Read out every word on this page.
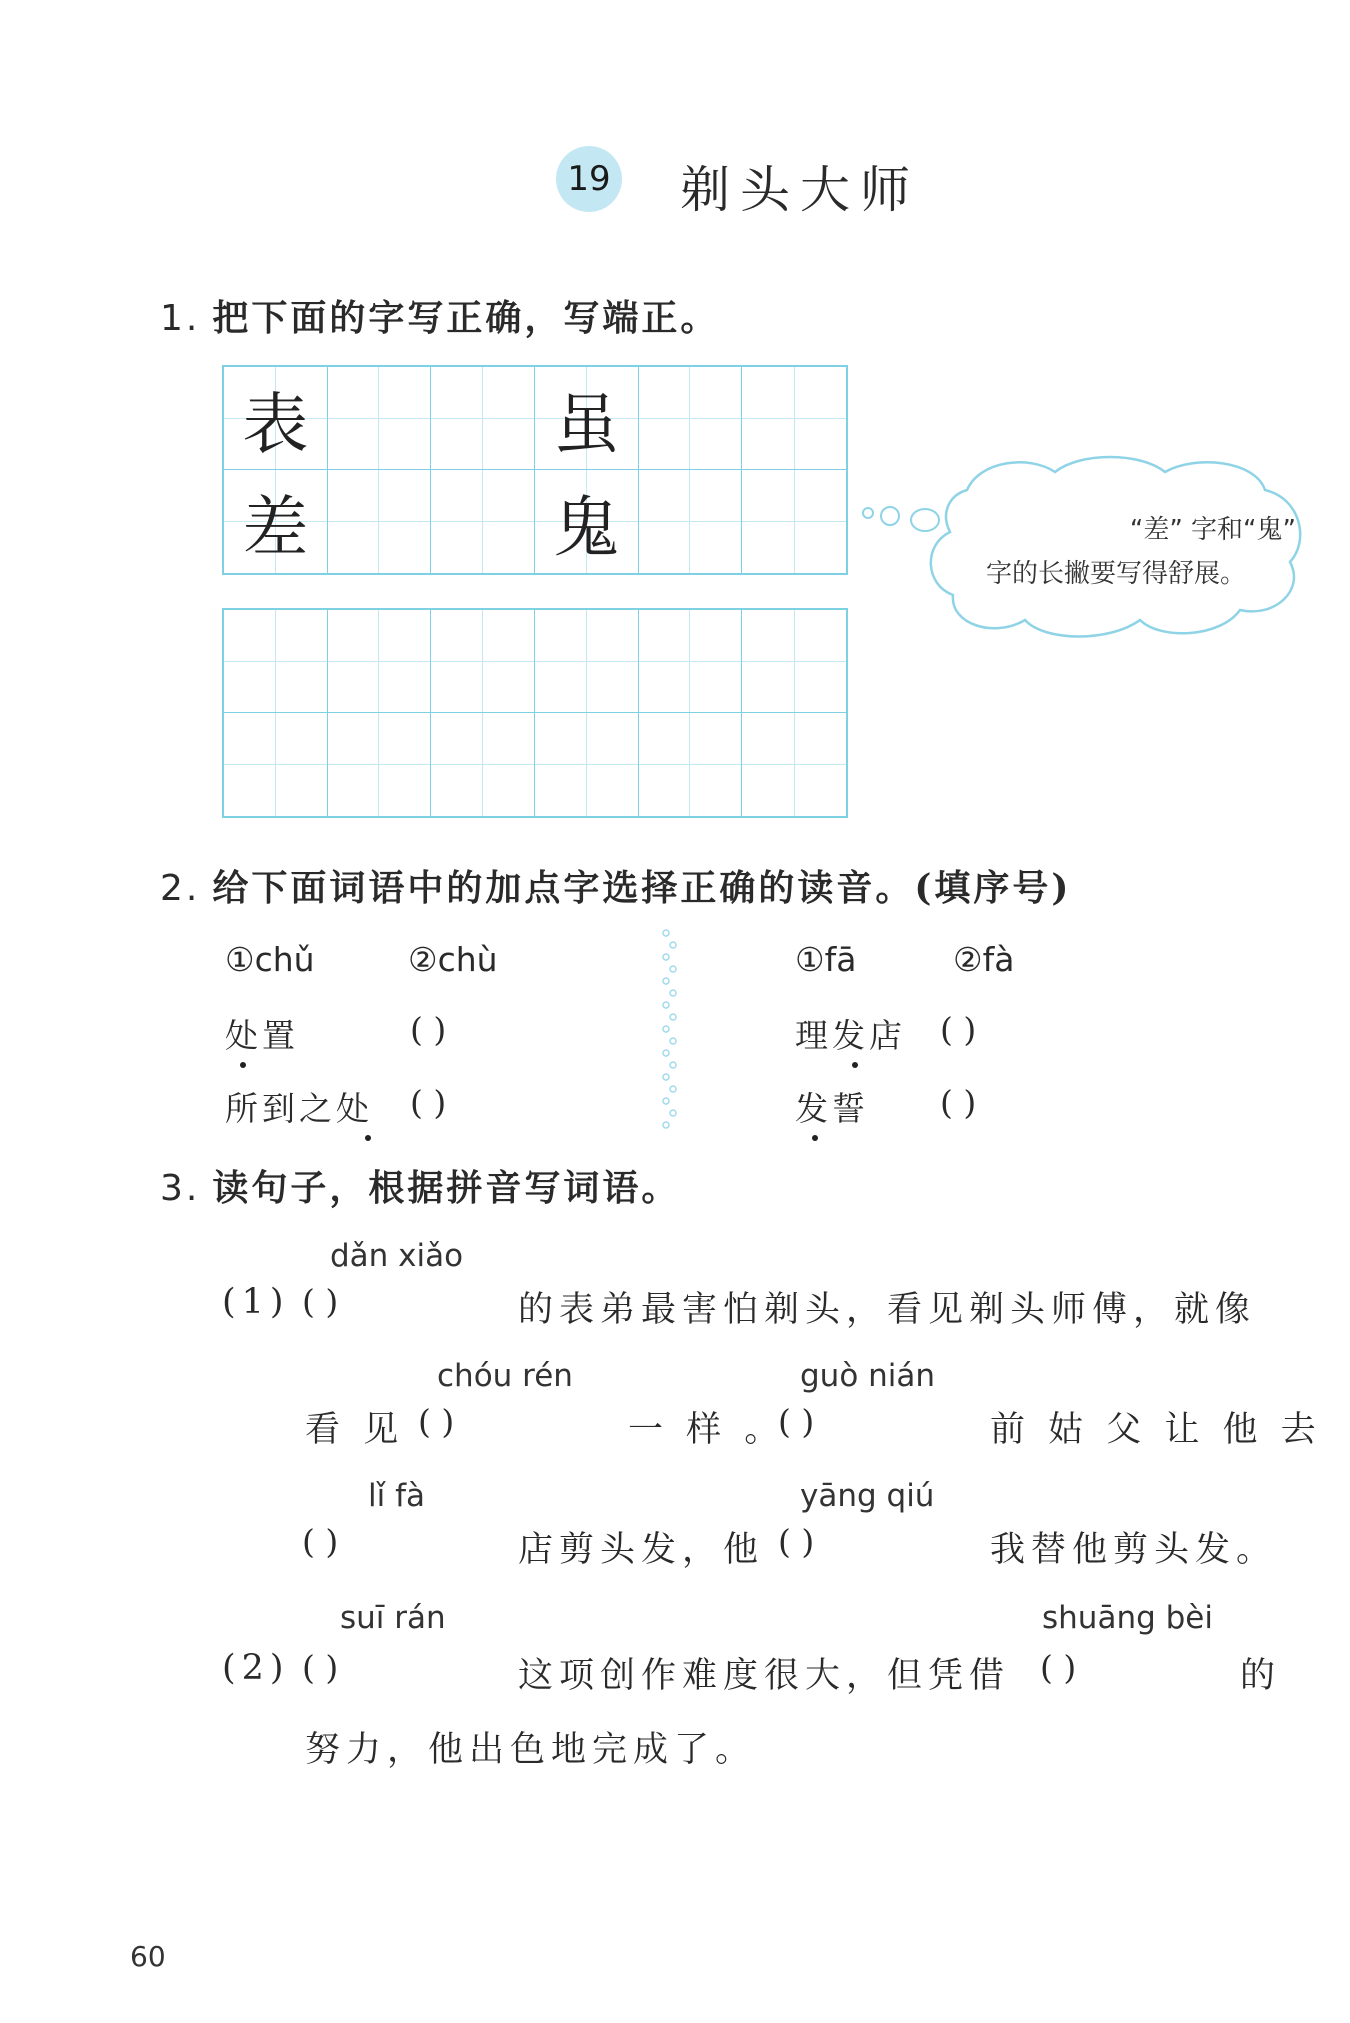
19 剃头大师
1. 把下面的字写正确，写端正。
表	虽
差	鬼	“差” 字和“鬼”
字的长撇要写得舒展。
2. 给下面词语中的加点字选择正确的读音。(填序号)
①chǔ	②chù
处置	( )
所到之处 ( )
①fā	②fà
理发店 ( )
发誓 ( )
3. 读句子，根据拼音写词语。
dǎn xiǎo
(1) ( )	的表弟最害怕剃头，看见剃头师傅，就像
chóu rén	guò nián
看 见 ( )	一 样 。
( )	前 姑 父 让 他 去
lǐ fà	yāng qiú
( )	店剪头发，他 ( )	我替他剪头发。
suī rán	shuāng bèi
(2) ( )	这项创作难度很大，但凭借 ( )	的
努力，他出色地完成了。
60
